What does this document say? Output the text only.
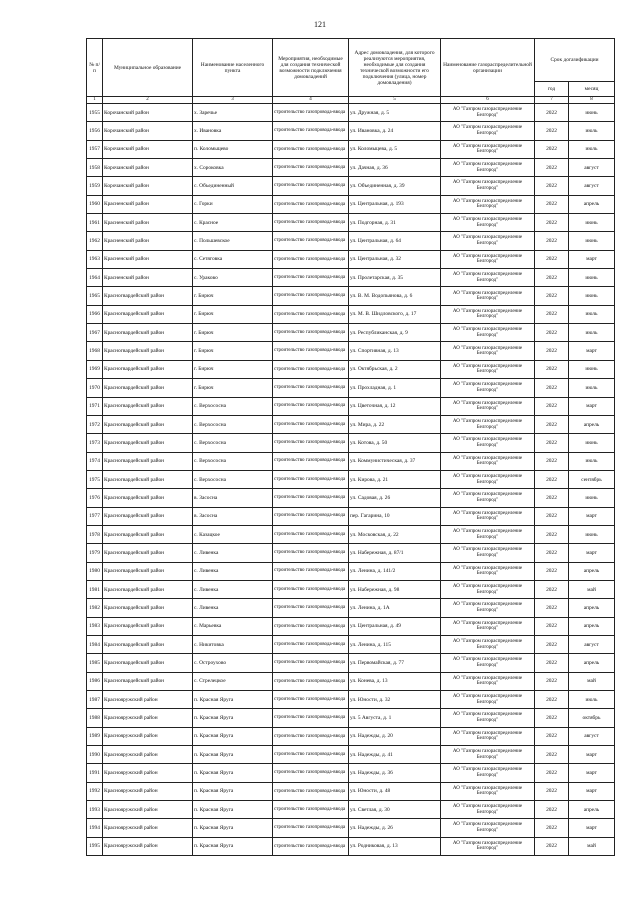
121
№ п/п	Муниципальное образование	Наименование населенного пункта	Мероприятия, необходимые для создания технической возможности подключения домовладений	Адрес домовладения, для которого реализуются мероприятия, необходимые для создания технической возможности его подключения (улица, номер домовладения)	Наименование газораспределительной организации	Срок догазификации	
						год	месяц
1	2	3	4	5	6	7	8
1955	Корочанский район	х. Заречье	строительство газопровода-ввода	ул. Дружная, д. 5	АО "Газпром газораспределение Белгород"	2022	июнь
1956	Корочанский район	х. Ивановка	строительство газопровода-ввода	ул. Ивановка, д. 24	АО "Газпром газораспределение Белгород"	2022	июль
1957	Корочанский район	п. Коломыцево	строительство газопровода-ввода	ул. Коломыцева, д. 5	АО "Газпром газораспределение Белгород"	2022	июль
1958	Корочанский район	х. Сороковка	строительство газопровода-ввода	ул. Дачная, д. 36	АО "Газпром газораспределение Белгород"	2022	август
1959	Корочанский район	с. Объединенный	строительство газопровода-ввода	ул. Объединенная, д. 39	АО "Газпром газораспределение Белгород"	2022	август
1960	Красненский район	с. Горки	строительство газопровода-ввода	ул. Центральная, д. 193	АО "Газпром газораспределение Белгород"	2022	апрель
1961	Красненский район	с. Красное	строительство газопровода-ввода	ул. Подгорная, д. 31	АО "Газпром газораспределение Белгород"	2022	июнь
1962	Красненский район	с. Польшевское	строительство газопровода-ввода	ул. Центральная, д. 64	АО "Газпром газораспределение Белгород"	2022	июнь
1963	Красненский район	с. Сетяговка	строительство газопровода-ввода	ул. Центральная, д. 32	АО "Газпром газораспределение Белгород"	2022	март
1964	Красненский район	с. Ураково	строительство газопровода-ввода	ул. Пролетарская, д. 35	АО "Газпром газораспределение Белгород"	2022	июнь
1965	Красногвардейский район	г. Бирюч	строительство газопровода-ввода	ул. В. М. Водопьянова, д. 6	АО "Газпром газораспределение Белгород"	2022	июнь
1966	Красногвардейский район	г. Бирюч	строительство газопровода-ввода	ул. М. В. Шидловского, д. 17	АО "Газпром газораспределение Белгород"	2022	июль
1967	Красногвардейский район	г. Бирюч	строительство газопровода-ввода	ул. Республиканская, д. 9	АО "Газпром газораспределение Белгород"	2022	июль
1968	Красногвардейский район	г. Бирюч	строительство газопровода-ввода	ул. Спортивная, д. 13	АО "Газпром газораспределение Белгород"	2022	март
1969	Красногвардейский район	г. Бирюч	строительство газопровода-ввода	ул. Октябрьская, д. 2	АО "Газпром газораспределение Белгород"	2022	июнь
1970	Красногвардейский район	г. Бирюч	строительство газопровода-ввода	ул. Прохладная, д. 1	АО "Газпром газораспределение Белгород"	2022	июль
1971	Красногвардейский район	с. Верхососна	строительство газопровода-ввода	ул. Цветочная, д. 12	АО "Газпром газораспределение Белгород"	2022	март
1972	Красногвардейский район	с. Верхососна	строительство газопровода-ввода	ул. Мира, д. 22	АО "Газпром газораспределение Белгород"	2022	апрель
1973	Красногвардейский район	с. Верхососна	строительство газопровода-ввода	ул. Котова, д. 50	АО "Газпром газораспределение Белгород"	2022	июнь
1974	Красногвардейский район	с. Верхососна	строительство газопровода-ввода	ул. Коммунистическая, д. 37	АО "Газпром газораспределение Белгород"	2022	июль
1975	Красногвардейский район	с. Верхососна	строительство газопровода-ввода	ул. Кирова, д. 21	АО "Газпром газораспределение Белгород"	2022	сентябрь
1976	Красногвардейский район	в. Засосна	строительство газопровода-ввода	ул. Садовая, д. 26	АО "Газпром газораспределение Белгород"	2022	июнь
1977	Красногвардейский район	в. Засосна	строительство газопровода-ввода	пер. Гагарина, 10	АО "Газпром газораспределение Белгород"	2022	март
1978	Красногвардейский район	с. Казацкое	строительство газопровода-ввода	ул. Московская, д. 22	АО "Газпром газораспределение Белгород"	2022	июнь
1979	Красногвардейский район	с. Ливенка	строительство газопровода-ввода	ул. Набережная, д. 87/1	АО "Газпром газораспределение Белгород"	2022	март
1980	Красногвардейский район	с. Ливенка	строительство газопровода-ввода	ул. Ленина, д. 141/2	АО "Газпром газораспределение Белгород"	2022	апрель
1981	Красногвардейский район	с. Ливенка	строительство газопровода-ввода	ул. Набережная, д. 98	АО "Газпром газораспределение Белгород"	2022	май
1982	Красногвардейский район	с. Ливенка	строительство газопровода-ввода	ул. Ленина, д. 1А	АО "Газпром газораспределение Белгород"	2022	апрель
1983	Красногвардейский район	с. Марьевка	строительство газопровода-ввода	ул. Центральная, д. 49	АО "Газпром газораспределение Белгород"	2022	апрель
1984	Красногвардейский район	с. Никитовка	строительство газопровода-ввода	ул. Ленина, д. 115	АО "Газпром газораспределение Белгород"	2022	август
1985	Красногвардейский район	с. Остроухово	строительство газопровода-ввода	ул. Первомайская, д. 77	АО "Газпром газораспределение Белгород"	2022	апрель
1986	Красногвардейский район	с. Стрелецкое	строительство газопровода-ввода	ул. Конева, д. 13	АО "Газпром газораспределение Белгород"	2022	май
1987	Краснояружский район	п. Красная Яруга	строительство газопровода-ввода	ул. Юности, д. 32	АО "Газпром газораспределение Белгород"	2022	июль
1988	Краснояружский район	п. Красная Яруга	строительство газопровода-ввода	ул. 5 Августа, д. 1	АО "Газпром газораспределение Белгород"	2022	октябрь
1989	Краснояружский район	п. Красная Яруга	строительство газопровода-ввода	ул. Надежды, д. 20	АО "Газпром газораспределение Белгород"	2022	август
1990	Краснояружский район	п. Красная Яруга	строительство газопровода-ввода	ул. Надежды, д. 41	АО "Газпром газораспределение Белгород"	2022	март
1991	Краснояружский район	п. Красная Яруга	строительство газопровода-ввода	ул. Надежды, д. 36	АО "Газпром газораспределение Белгород"	2022	март
1992	Краснояружский район	п. Красная Яруга	строительство газопровода-ввода	ул. Юности, д. 48	АО "Газпром газораспределение Белгород"	2022	март
1993	Краснояружский район	п. Красная Яруга	строительство газопровода-ввода	ул. Светлая, д. 30	АО "Газпром газораспределение Белгород"	2022	апрель
1994	Краснояружский район	п. Красная Яруга	строительство газопровода-ввода	ул. Надежды, д. 26	АО "Газпром газораспределение Белгород"	2022	март
1995	Краснояружский район	п. Красная Яруга	строительство газопровода-ввода	ул. Родниковая, д. 13	АО "Газпром газораспределение Белгород"	2022	май
